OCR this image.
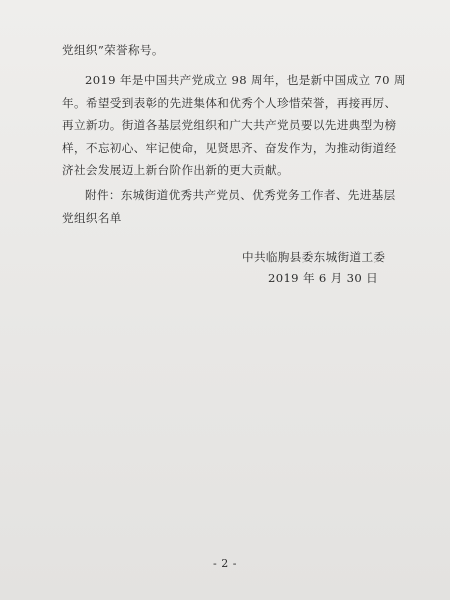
党组织”荣誉称号。
2019 年是中国共产党成立 98 周年，也是新中国成立 70 周
年。希望受到表彰的先进集体和优秀个人珍惜荣誉，再接再厉、
再立新功。街道各基层党组织和广大共产党员要以先进典型为榜
样，不忘初心、牢记使命，见贤思齐、奋发作为，为推动街道经
济社会发展迈上新台阶作出新的更大贡献。
附件：东城街道优秀共产党员、优秀党务工作者、先进基层
党组织名单
中共临朐县委东城街道工委
2019 年 6 月 30 日
- 2 -
